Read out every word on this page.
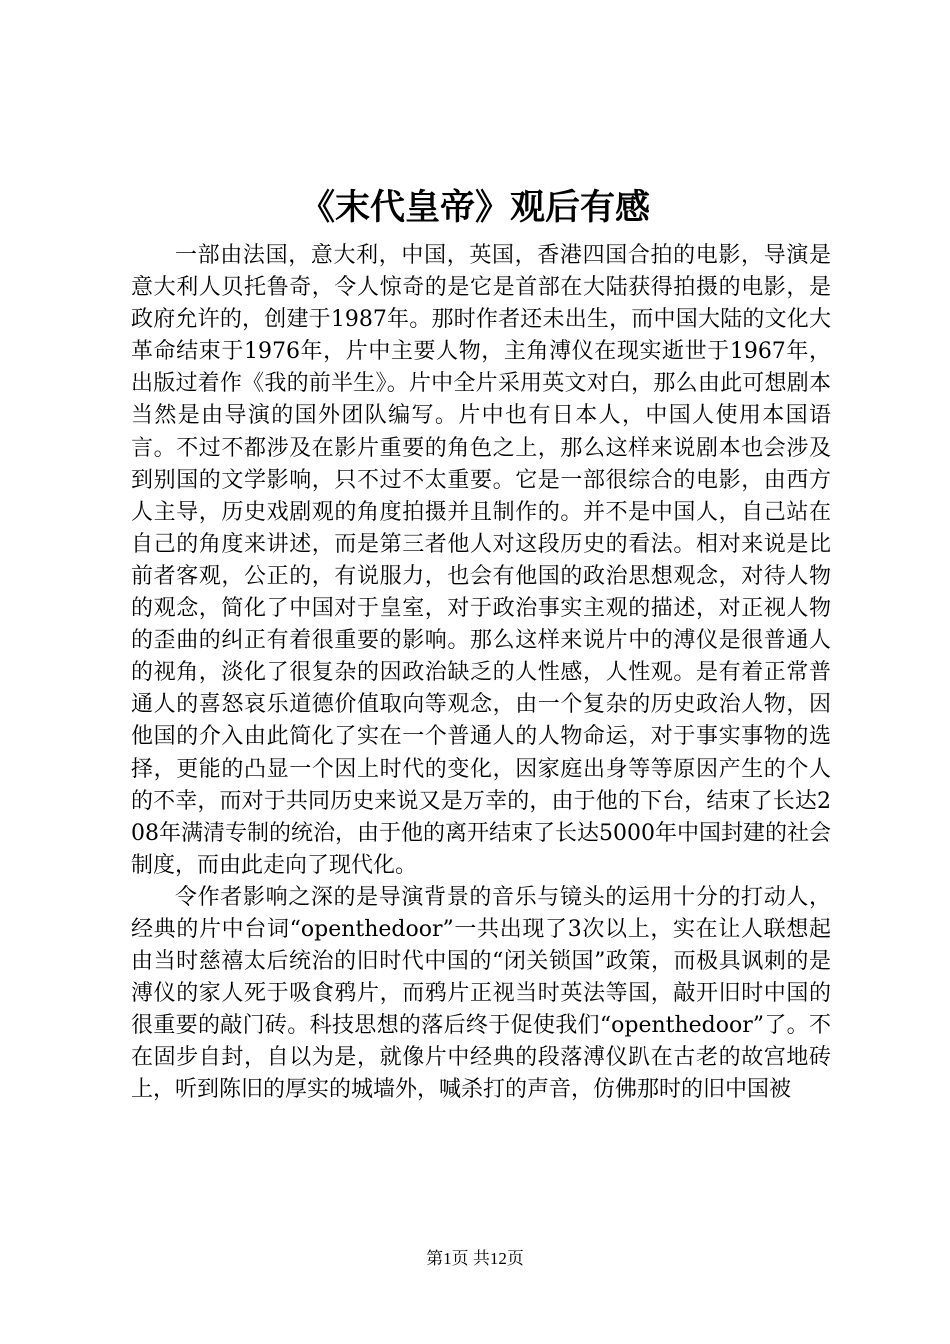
《末代皇帝》观后有感

一部由法国，意大利，中国，英国，香港四国合拍的电影，导演是意大利人贝托鲁奇，令人惊奇的是它是首部在大陆获得拍摄的电影，是政府允许的，创建于1987年。那时作者还未出生，而中国大陆的文化大革命结束于1976年，片中主要人物，主角溥仪在现实逝世于1967年，出版过着作《我的前半生》。片中全片采用英文对白，那么由此可想剧本当然是由导演的国外团队编写。片中也有日本人，中国人使用本国语言。不过不都涉及在影片重要的角色之上，那么这样来说剧本也会涉及到别国的文学影响，只不过不太重要。它是一部很综合的电影，由西方人主导，历史戏剧观的角度拍摄并且制作的。并不是中国人，自己站在自己的角度来讲述，而是第三者他人对这段历史的看法。相对来说是比前者客观，公正的，有说服力，也会有他国的政治思想观念，对待人物的观念，简化了中国对于皇室，对于政治事实主观的描述，对正视人物的歪曲的纠正有着很重要的影响。那么这样来说片中的溥仪是很普通人的视角，淡化了很复杂的因政治缺乏的人性感，人性观。是有着正常普通人的喜怒哀乐道德价值取向等观念，由一个复杂的历史政治人物，因他国的介入由此简化了实在一个普通人的人物命运，对于事实事物的选择，更能的凸显一个因上时代的变化，因家庭出身等等原因产生的个人的不幸，而对于共同历史来说又是万幸的，由于他的下台，结束了长达208年满清专制的统治，由于他的离开结束了长达5000年中国封建的社会制度，而由此走向了现代化。

令作者影响之深的是导演背景的音乐与镜头的运用十分的打动人，经典的片中台词“openthedoor”一共出现了3次以上，实在让人联想起由当时慈禧太后统治的旧时代中国的“闭关锁国”政策，而极具讽刺的是溥仪的家人死于吸食鸦片，而鸦片正视当时英法等国，敲开旧时中国的很重要的敲门砖。科技思想的落后终于促使我们“openthedoor”了。不在固步自封，自以为是，就像片中经典的段落溥仪趴在古老的故宫地砖上，听到陈旧的厚实的城墙外，喊杀打的声音，仿佛那时的旧中国被

第1页 共12页
